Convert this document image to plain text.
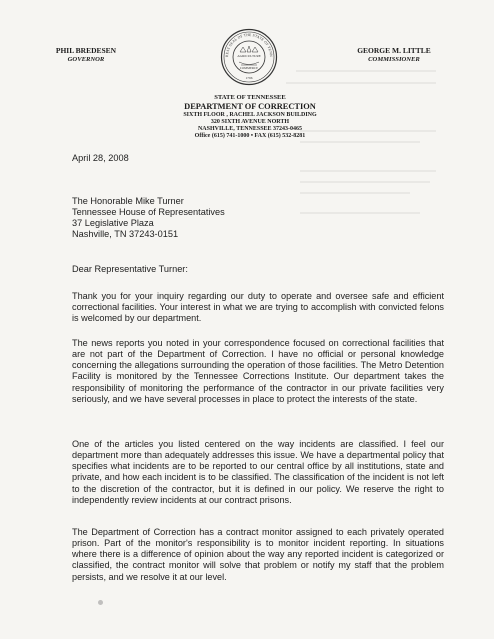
PHIL BREDESEN
GOVERNOR
REAT SEAL OF THE STATE OF TENN
AGRICULTURE
COMMERCE
1796
GEORGE M. LITTLE
COMMISSIONER
STATE OF TENNESSEE
DEPARTMENT OF CORRECTION
SIXTH FLOOR , RACHEL JACKSON BUILDING
320 SIXTH AVENUE NORTH
NASHVILLE, TENNESSEE 37243-0465
Office (615) 741-1000 • FAX (615) 532-8281
April 28, 2008
The Honorable Mike Turner
Tennessee House of Representatives
37 Legislative Plaza
Nashville, TN 37243-0151
Dear Representative Turner:
Thank you for your inquiry regarding our duty to operate and oversee safe and efficient correctional facilities. Your interest in what we are trying to accomplish with convicted felons is welcomed by our department.
The news reports you noted in your correspondence focused on correctional facilities that are not part of the Department of Correction. I have no official or personal knowledge concerning the allegations surrounding the operation of those facilities. The Metro Detention Facility is monitored by the Tennessee Corrections Institute. Our department takes the responsibility of monitoring the performance of the contractor in our private facilities very seriously, and we have several processes in place to protect the interests of the state.
One of the articles you listed centered on the way incidents are classified. I feel our department more than adequately addresses this issue. We have a departmental policy that specifies what incidents are to be reported to our central office by all institutions, state and private, and how each incident is to be classified. The classification of the incident is not left to the discretion of the contractor, but it is defined in our policy. We reserve the right to independently review incidents at our contract prisons.
The Department of Correction has a contract monitor assigned to each privately operated prison. Part of the monitor's responsibility is to monitor incident reporting. In situations where there is a difference of opinion about the way any reported incident is categorized or classified, the contract monitor will solve that problem or notify my staff that the problem persists, and we resolve it at our level.
